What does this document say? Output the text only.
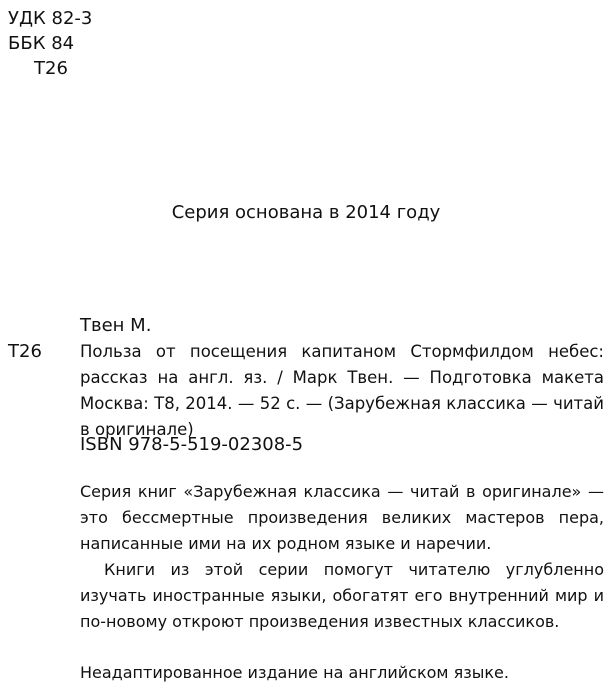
УДК 82-3
ББК 84
Т26
Серия основана в 2014 году
Твен М.
Т26 Польза от посещения капитаном Стормфилдом небес: рассказ на англ. яз. / Марк Твен. — Подготовка макета Москва: Т8, 2014. — 52 с. — (Зарубежная классика — читай в оригинале)
ISBN 978-5-519-02308-5

Серия книг «Зарубежная классика — читай в оригинале» — это бессмертные произведения великих мастеров пера, написанные ими на их родном языке и наречии.

Книги из этой серии помогут читателю углубленно изучать иностранные языки, обогатят его внутренний мир и по-новому откроют произведения известных классиков.

Неадаптированное издание на английском языке.
